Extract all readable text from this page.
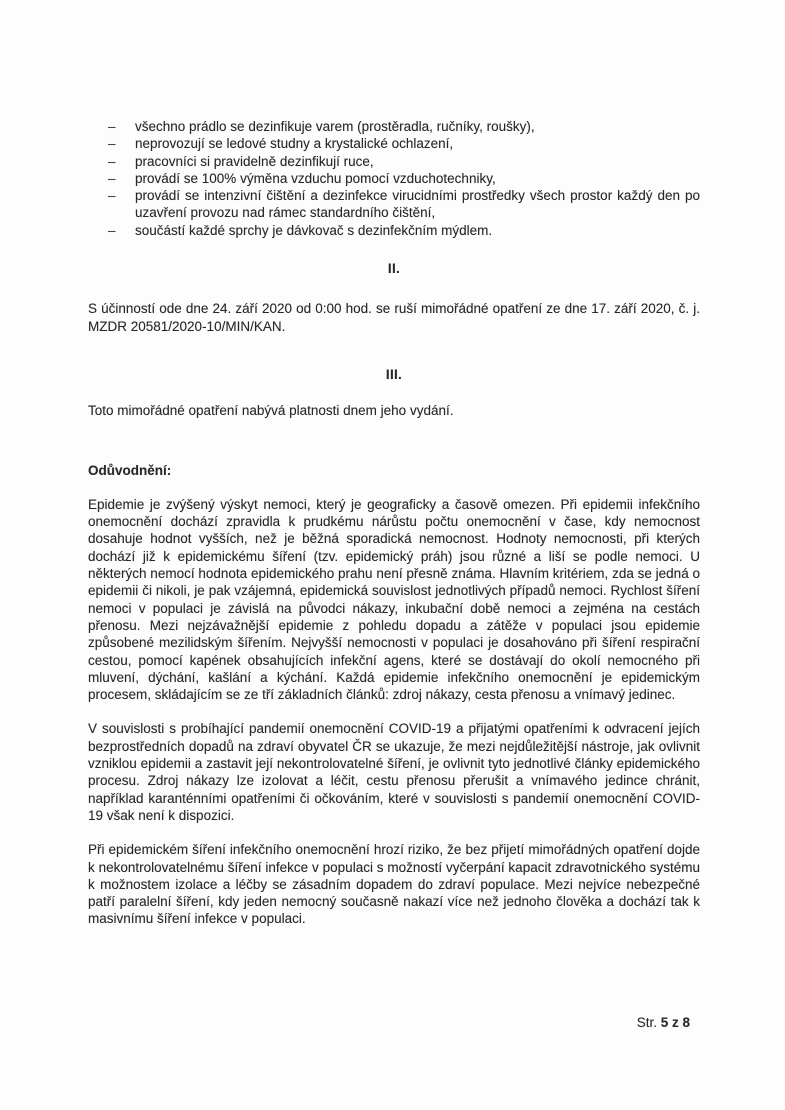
–	všechno prádlo se dezinfikuje varem (prostěradla, ručníky, roušky),
–	neprovozují se ledové studny a krystalické ochlazení,
–	pracovníci si pravidelně dezinfikují ruce,
–	provádí se 100% výměna vzduchu pomocí vzduchotechniky,
–	provádí se intenzivní čištění a dezinfekce virucidními prostředky všech prostor každý den po uzavření provozu nad rámec standardního čištění,
–	součástí každé sprchy je dávkovač s dezinfekčním mýdlem.
II.

S účinností ode dne 24. září 2020 od 0:00 hod. se ruší mimořádné opatření ze dne 17. září 2020, č. j. MZDR 20581/2020-10/MIN/KAN.

III.

Toto mimořádné opatření nabývá platnosti dnem jeho vydání.

Odůvodnění:

Epidemie je zvýšený výskyt nemoci, který je geograficky a časově omezen. Při epidemii infekčního onemocnění dochází zpravidla k prudkému nárůstu počtu onemocnění v čase, kdy nemocnost dosahuje hodnot vyšších, než je běžná sporadická nemocnost. Hodnoty nemocnosti, při kterých dochází již k epidemickému šíření (tzv. epidemický práh) jsou různé a liší se podle nemoci. U některých nemocí hodnota epidemického prahu není přesně známa. Hlavním kritériem, zda se jedná o epidemii či nikoli, je pak vzájemná, epidemická souvislost jednotlivých případů nemoci. Rychlost šíření nemoci v populaci je závislá na původci nákazy, inkubační době nemoci a zejména na cestách přenosu. Mezi nejzávažnější epidemie z pohledu dopadu a zátěže v populaci jsou epidemie způsobené mezilidským šířením. Nejvyšší nemocnosti v populaci je dosahováno při šíření respirační cestou, pomocí kapének obsahujících infekční agens, které se dostávají do okolí nemocného při mluvení, dýchání, kašlání a kýchání. Každá epidemie infekčního onemocnění je epidemickým procesem, skládajícím se ze tří základních článků: zdroj nákazy, cesta přenosu a vnímavý jedinec.

V souvislosti s probíhající pandemií onemocnění COVID-19 a přijatými opatřeními k odvracení jejích bezprostředních dopadů na zdraví obyvatel ČR se ukazuje, že mezi nejdůležitější nástroje, jak ovlivnit vzniklou epidemii a zastavit její nekontrolovatelné šíření, je ovlivnit tyto jednotlivé články epidemického procesu. Zdroj nákazy lze izolovat a léčit, cestu přenosu přerušit a vnímavého jedince chránit, například karanténními opatřeními či očkováním, které v souvislosti s pandemií onemocnění COVID-19 však není k dispozici.

Při epidemickém šíření infekčního onemocnění hrozí riziko, že bez přijetí mimořádných opatření dojde k nekontrolovatelnému šíření infekce v populaci s možností vyčerpání kapacit zdravotnického systému k možnostem izolace a léčby se zásadním dopadem do zdraví populace. Mezi nejvíce nebezpečné patří paralelní šíření, kdy jeden nemocný současně nakazí více než jednoho člověka a dochází tak k masivnímu šíření infekce v populaci.

Str. 5 z 8
